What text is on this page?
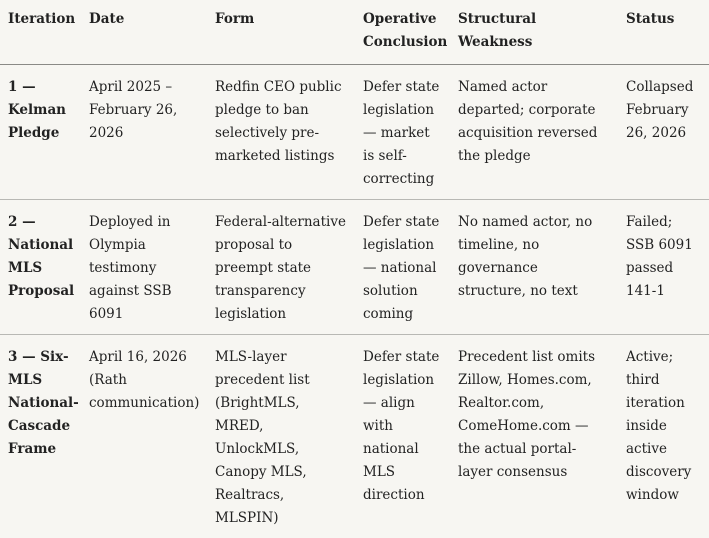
Iteration	Date	Form	Operative Conclusion	Structural Weakness	Status
1 — Kelman Pledge	April 2025 – February 26, 2026	Redfin CEO public pledge to ban selectively pre-marketed listings	Defer state legislation — market is self-correcting	Named actor departed; corporate acquisition reversed the pledge	Collapsed February 26, 2026
2 — National MLS Proposal	Deployed in Olympia testimony against SSB 6091	Federal-alternative proposal to preempt state transparency legislation	Defer state legislation — national solution coming	No named actor, no timeline, no governance structure, no text	Failed; SSB 6091 passed 141-1
3 — Six-MLS National-Cascade Frame	April 16, 2026 (Rath communication)	MLS-layer precedent list (BrightMLS, MRED, UnlockMLS, Canopy MLS, Realtracs, MLSPIN)	Defer state legislation — align with national MLS direction	Precedent list omits Zillow, Homes.com, Realtor.com, ComeHome.com — the actual portal-layer consensus	Active; third iteration inside active discovery window
